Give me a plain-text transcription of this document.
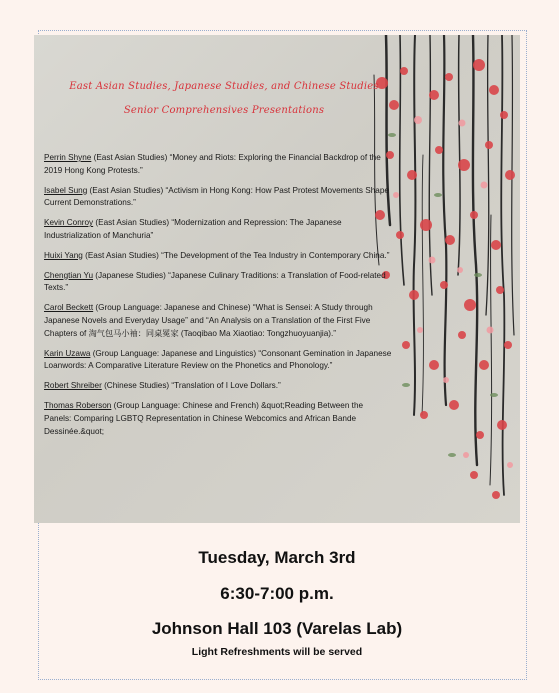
East Asian Studies, Japanese Studies, and Chinese Studies
Senior Comprehensives Presentations
Perrin Shyne (East Asian Studies) “Money and Riots: Exploring the Financial Backdrop of the 2019 Hong Kong Protests.”
Isabel Sung (East Asian Studies) “Activism in Hong Kong: How Past Protest Movements Shape Current Demonstrations.”
Kevin Conroy (East Asian Studies) “Modernization and Repression: The Japanese Industrialization of Manchuria”
Huixi Yang (East Asian Studies) “The Development of the Tea Industry in Contemporary China.”
Chengtian Yu (Japanese Studies) “Japanese Culinary Traditions: a Translation of Food-related Texts.”
Carol Beckett (Group Language: Japanese and Chinese) “What is Sensei: A Study through Japanese Novels and Everyday Usage” and “An Analysis on a Translation of the First Five Chapters of 淘气包马小袖：同桌冕家 (Taoqibao Ma Xiaotiao: Tongzhuoyuanjia).”
Karin Uzawa (Group Language: Japanese and Linguistics) “Consonant Gemination in Japanese Loanwords: A Comparative Literature Review on the Phonetics and Phonology.”
Robert Shreiber (Chinese Studies) “Translation of I Love Dollars.”
Thomas Roberson (Group Language: Chinese and French) &quot;Reading Between the Panels: Comparing LGBTQ Representation in Chinese Webcomics and African Bande Dessinée.&quot;
Tuesday, March 3rd
6:30-7:00 p.m.
Johnson Hall 103 (Varelas Lab)
Light Refreshments will be served
